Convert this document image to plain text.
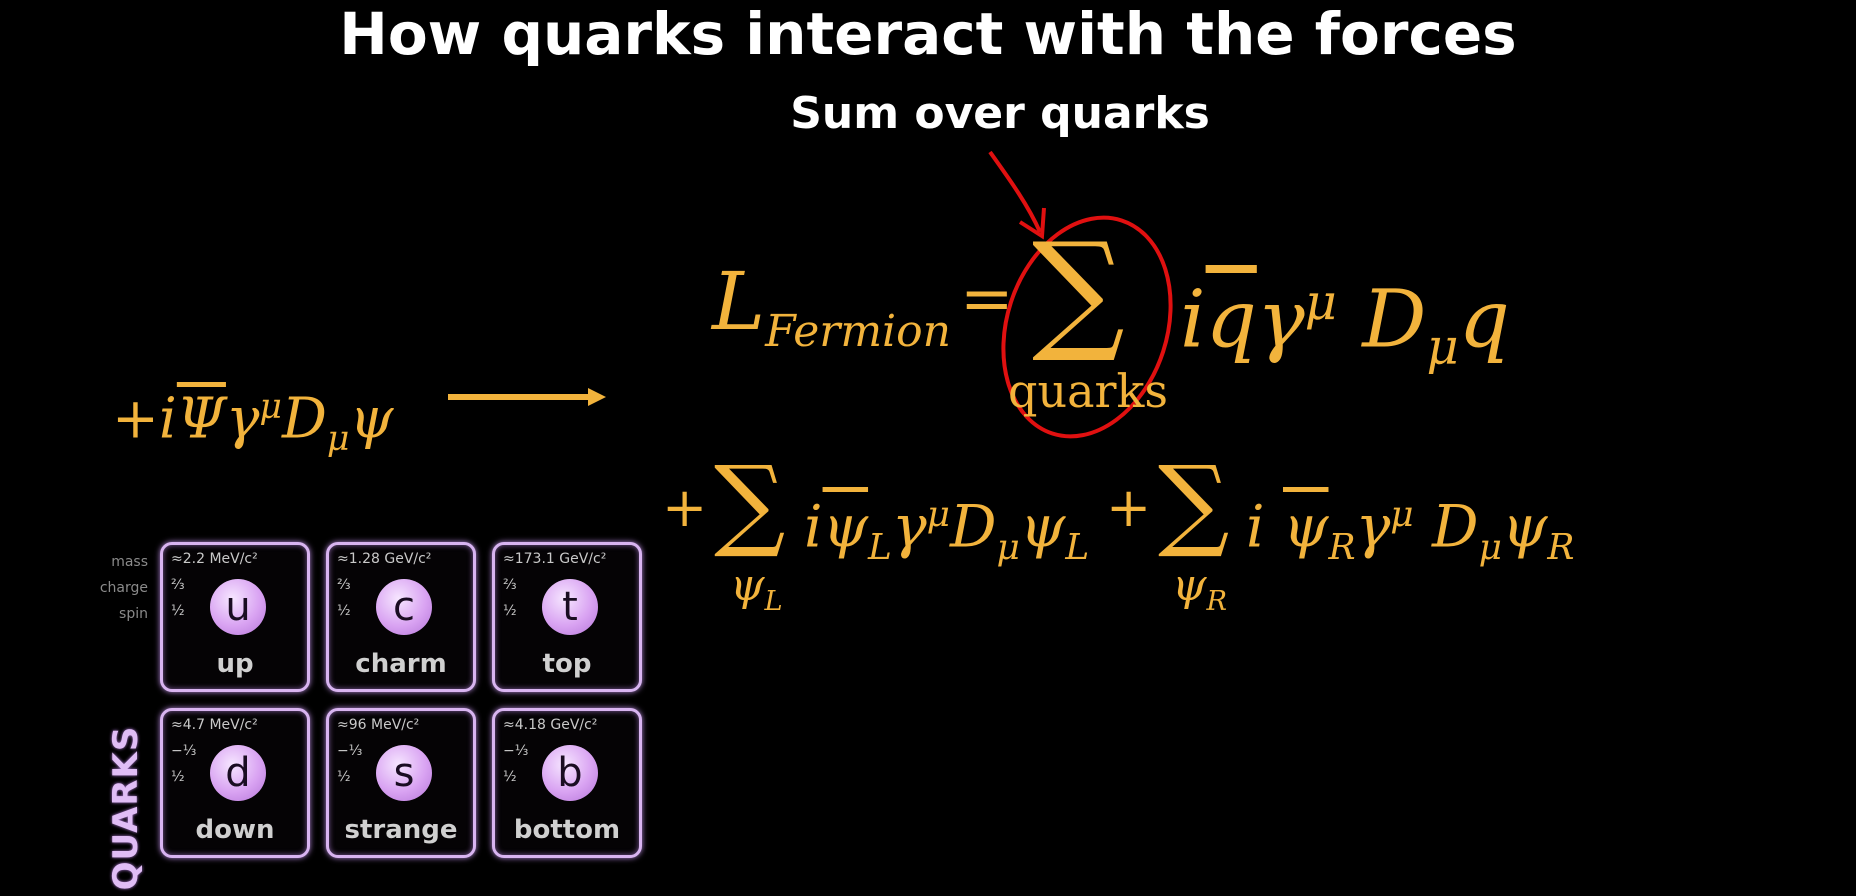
How quarks interact with the forces
Sum over quarks
$+i\overline{\Psi}\gamma^\mu D_\mu\psi$
$L_{Fermion}$ = ∑
quarks
$i\overline{q}\gamma^\mu$ $D_\mu q$
+ ∑
$\psi_L$
$i\overline{\psi}_L\gamma^\mu D_\mu\psi_L$
+ ∑
$\psi_R$
i $\overline{\psi}_R\gamma^\mu$ $D_\mu\psi_R$
mass
charge
spin
QUARKS
≈2.2 MeV/c²
⅔
½	u
up
≈1.28 GeV/c²
⅔
½	c
charm
≈173.1 GeV/c²
⅔
½	t
top
≈4.7 MeV/c²
−⅓
½	d
down
≈96 MeV/c²
−⅓
½	s
strange
≈4.18 GeV/c²
−⅓
½	b
bottom
